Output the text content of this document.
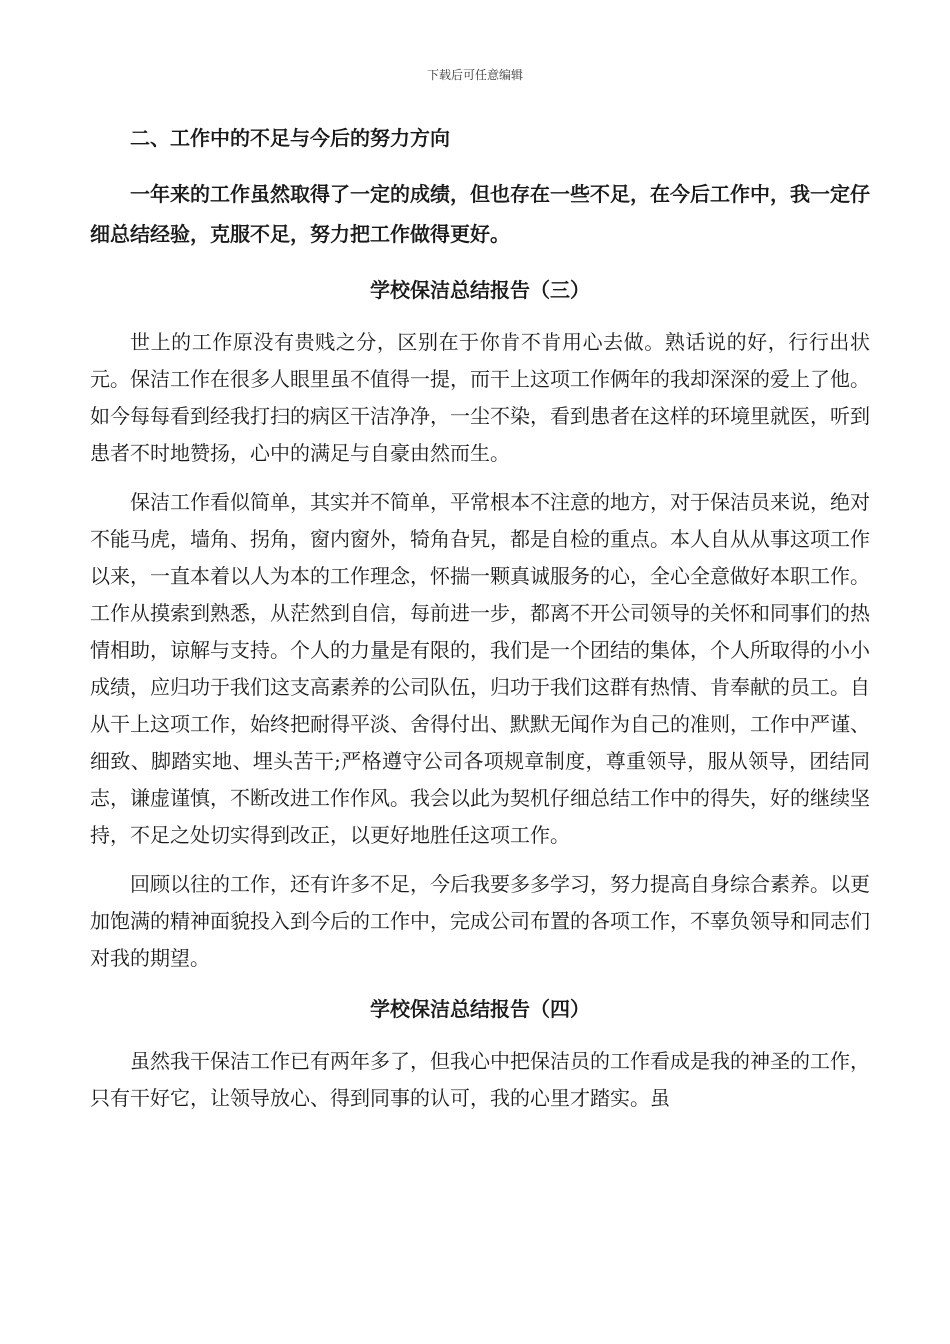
下载后可任意编辑

二、工作中的不足与今后的努力方向

一年来的工作虽然取得了一定的成绩，但也存在一些不足，在今后工作中，我一定仔细总结经验，克服不足，努力把工作做得更好。

学校保洁总结报告（三）

世上的工作原没有贵贱之分，区别在于你肯不肯用心去做。熟话说的好，行行出状元。保洁工作在很多人眼里虽不值得一提，而干上这项工作俩年的我却深深的爱上了他。如今每每看到经我打扫的病区干洁净净，一尘不染，看到患者在这样的环境里就医，听到患者不时地赞扬，心中的满足与自豪由然而生。

保洁工作看似简单，其实并不简单，平常根本不注意的地方，对于保洁员来说，绝对不能马虎，墙角、拐角，窗内窗外，犄角旮旯，都是自检的重点。本人自从从事这项工作以来，一直本着以人为本的工作理念，怀揣一颗真诚服务的心，全心全意做好本职工作。工作从摸索到熟悉，从茫然到自信，每前进一步，都离不开公司领导的关怀和同事们的热情相助，谅解与支持。个人的力量是有限的，我们是一个团结的集体，个人所取得的小小成绩，应归功于我们这支高素养的公司队伍，归功于我们这群有热情、肯奉献的员工。自从干上这项工作，始终把耐得平淡、舍得付出、默默无闻作为自己的准则，工作中严谨、细致、脚踏实地、埋头苦干;严格遵守公司各项规章制度，尊重领导，服从领导，团结同志，谦虚谨慎，不断改进工作作风。我会以此为契机仔细总结工作中的得失，好的继续坚持，不足之处切实得到改正，以更好地胜任这项工作。

回顾以往的工作，还有许多不足，今后我要多多学习，努力提高自身综合素养。以更加饱满的精神面貌投入到今后的工作中，完成公司布置的各项工作，不辜负领导和同志们对我的期望。

学校保洁总结报告（四）

虽然我干保洁工作已有两年多了，但我心中把保洁员的工作看成是我的神圣的工作，只有干好它，让领导放心、得到同事的认可，我的心里才踏实。虽
